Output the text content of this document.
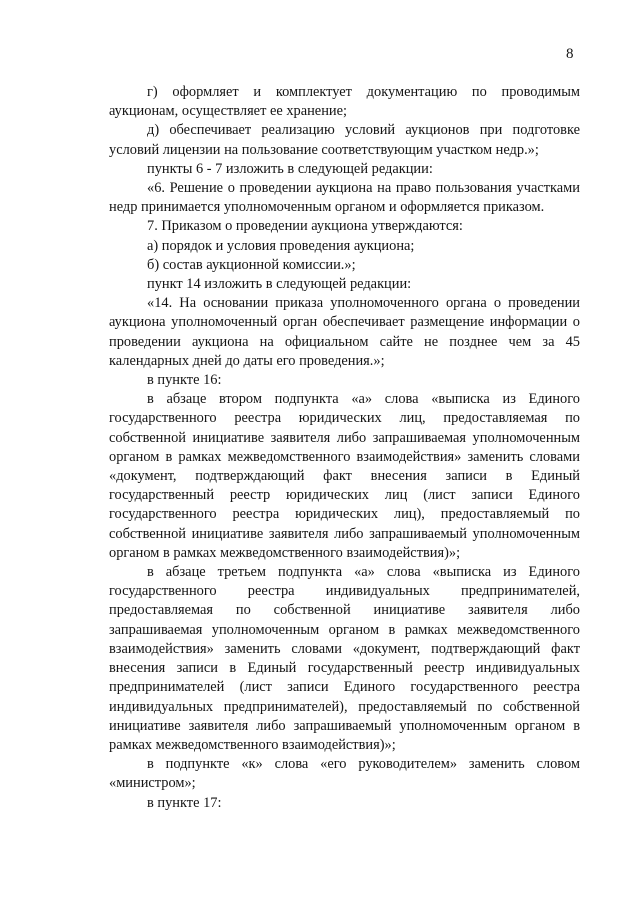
8

г) оформляет и комплектует документацию по проводимым аукционам, осуществляет ее хранение;

д) обеспечивает реализацию условий аукционов при подготовке условий лицензии на пользование соответствующим участком недр.»;

пункты 6 - 7 изложить в следующей редакции:

«6. Решение о проведении аукциона на право пользования участками недр принимается уполномоченным органом и оформляется приказом.

7. Приказом о проведении аукциона утверждаются:

а) порядок и условия проведения аукциона;

б) состав аукционной комиссии.»;

пункт 14 изложить в следующей редакции:

«14. На основании приказа уполномоченного органа о проведении аукциона уполномоченный орган обеспечивает размещение информации о проведении аукциона на официальном сайте не позднее чем за 45 календарных дней до даты его проведения.»;

в пункте 16:

в абзаце втором подпункта «а» слова «выписка из Единого государственного реестра юридических лиц, предоставляемая по собственной инициативе заявителя либо запрашиваемая уполномоченным органом в рамках межведомственного взаимодействия» заменить словами «документ, подтверждающий факт внесения записи в Единый государственный реестр юридических лиц (лист записи Единого государственного реестра юридических лиц), предоставляемый по собственной инициативе заявителя либо запрашиваемый уполномоченным органом в рамках межведомственного взаимодействия)»;

в абзаце третьем подпункта «а» слова «выписка из Единого государственного реестра индивидуальных предпринимателей, предоставляемая по собственной инициативе заявителя либо запрашиваемая уполномоченным органом в рамках межведомственного взаимодействия» заменить словами «документ, подтверждающий факт внесения записи в Единый государственный реестр индивидуальных предпринимателей (лист записи Единого государственного реестра индивидуальных предпринимателей), предоставляемый по собственной инициативе заявителя либо запрашиваемый уполномоченным органом в рамках межведомственного взаимодействия)»;

в подпункте «к» слова «его руководителем» заменить словом «министром»;

в пункте 17:
